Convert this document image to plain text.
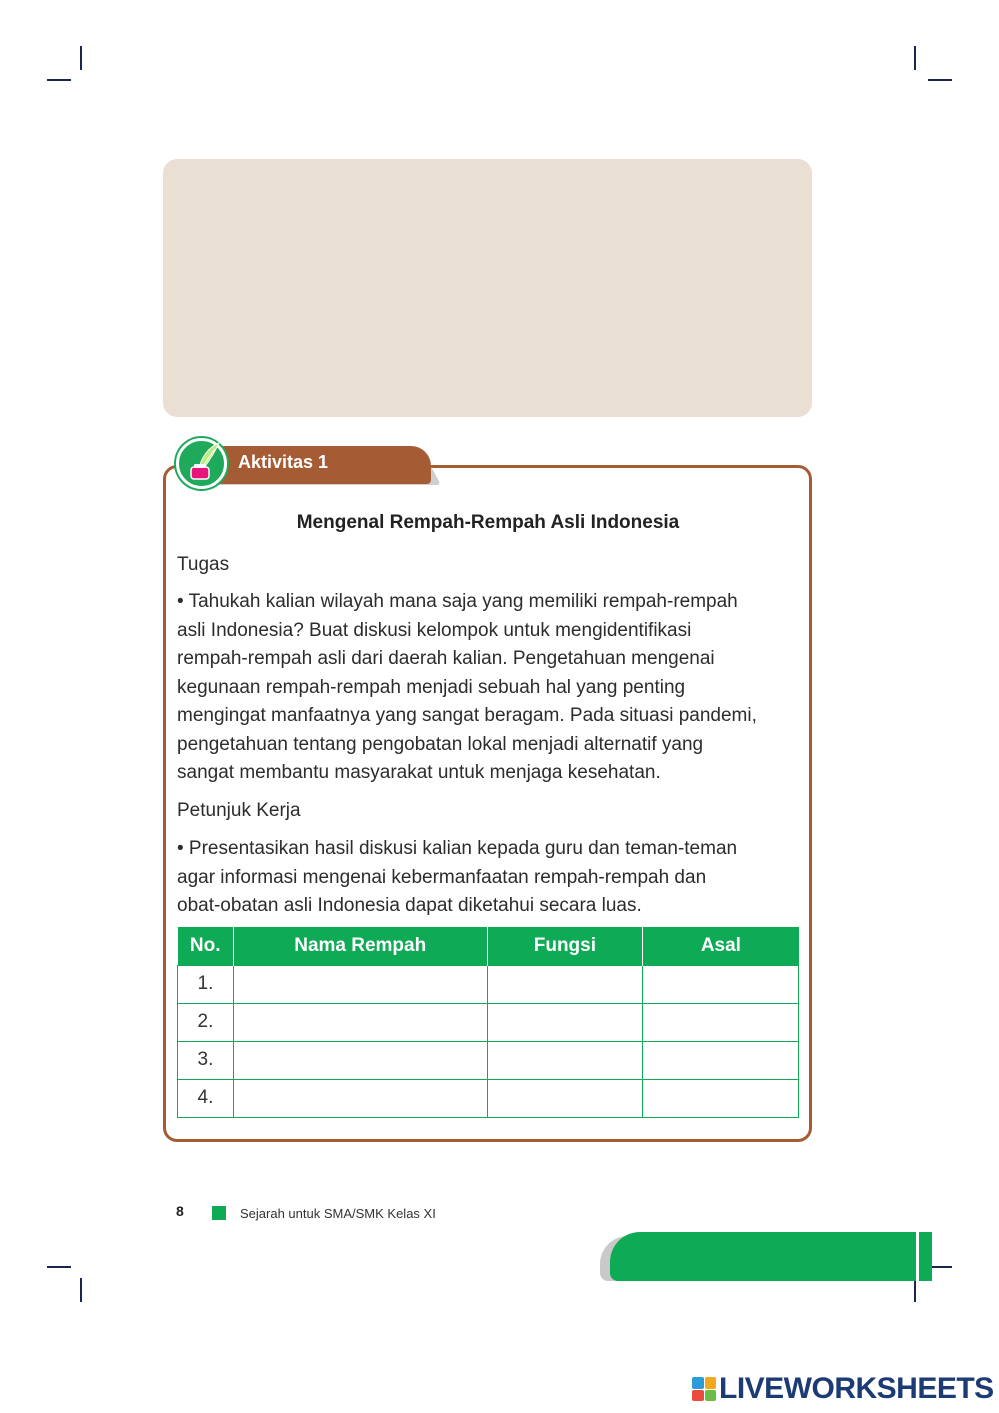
Aktivitas 1
Mengenal Rempah-Rempah Asli Indonesia
Tugas
• Tahukah kalian wilayah mana saja yang memiliki rempah-rempah
asli Indonesia? Buat diskusi kelompok untuk mengidentifikasi
rempah-rempah asli dari daerah kalian. Pengetahuan mengenai
kegunaan rempah-rempah menjadi sebuah hal yang penting
mengingat manfaatnya yang sangat beragam. Pada situasi pandemi,
pengetahuan tentang pengobatan lokal menjadi alternatif yang
sangat membantu masyarakat untuk menjaga kesehatan.
Petunjuk Kerja
• Presentasikan hasil diskusi kalian kepada guru dan teman-teman
agar informasi mengenai kebermanfaatan rempah-rempah dan
obat-obatan asli Indonesia dapat diketahui secara luas.
No.	Nama Rempah	Fungsi	Asal
1.			
2.			
3.			
4.			
8	Sejarah untuk SMA/SMK Kelas XI
LIVEWORKSHEETS
